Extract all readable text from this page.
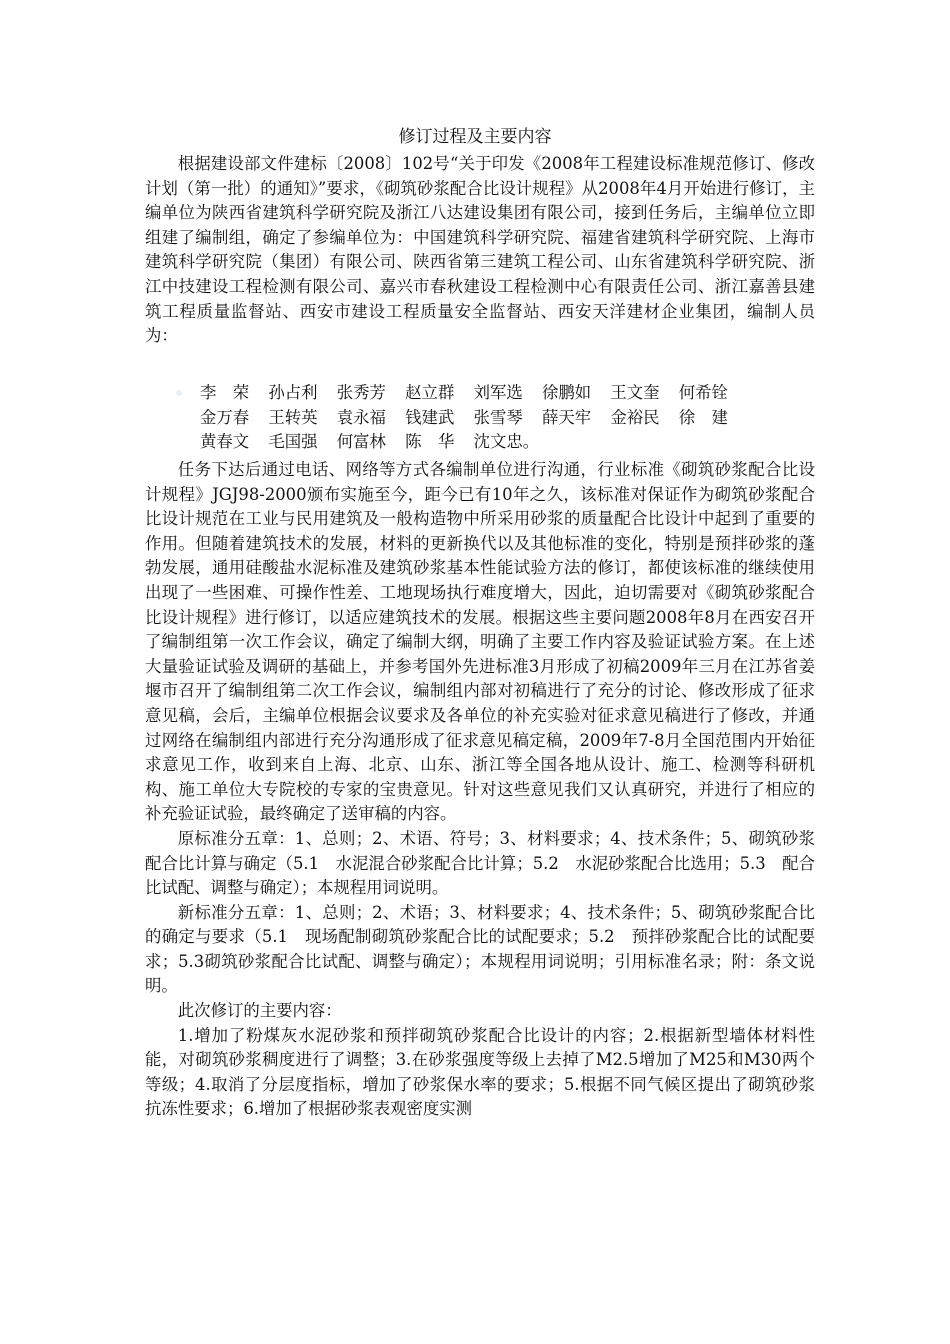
修订过程及主要内容

根据建设部文件建标〔2008〕102号“关于印发《2008年工程建设标准规范修订、修改计划（第一批）的通知》”要求，《砌筑砂浆配合比设计规程》从2008年4月开始进行修订，主编单位为陕西省建筑科学研究院及浙江八达建设集团有限公司，接到任务后，主编单位立即组建了编制组，确定了参编单位为：中国建筑科学研究院、福建省建筑科学研究院、上海市建筑科学研究院（集团）有限公司、陕西省第三建筑工程公司、山东省建筑科学研究院、浙江中技建设工程检测有限公司、嘉兴市春秋建设工程检测中心有限责任公司、浙江嘉善县建筑工程质量监督站、西安市建设工程质量安全监督站、西安天洋建材企业集团，编制人员为：

李　荣 孙占利 张秀芳 赵立群 刘军选 徐鹏如 王文奎 何希铨
金万春 王转英 袁永福 钱建武 张雪琴 薛天牢 金裕民 徐　建
黄春文 毛国强 何富林 陈　华 沈文忠。

任务下达后通过电话、网络等方式各编制单位进行沟通，行业标准《砌筑砂浆配合比设计规程》JGJ98-2000颁布实施至今，距今已有10年之久，该标准对保证作为砌筑砂浆配合比设计规范在工业与民用建筑及一般构造物中所采用砂浆的质量配合比设计中起到了重要的作用。但随着建筑技术的发展，材料的更新换代以及其他标准的变化，特别是预拌砂浆的蓬勃发展，通用硅酸盐水泥标准及建筑砂浆基本性能试验方法的修订，都使该标准的继续使用出现了一些困难、可操作性差、工地现场执行难度增大，因此，迫切需要对《砌筑砂浆配合比设计规程》进行修订，以适应建筑技术的发展。根据这些主要问题2008年8月在西安召开了编制组第一次工作会议，确定了编制大纲，明确了主要工作内容及验证试验方案。在上述大量验证试验及调研的基础上，并参考国外先进标准3月形成了初稿2009年三月在江苏省姜堰市召开了编制组第二次工作会议，编制组内部对初稿进行了充分的讨论、修改形成了征求意见稿，会后，主编单位根据会议要求及各单位的补充实验对征求意见稿进行了修改，并通过网络在编制组内部进行充分沟通形成了征求意见稿定稿，2009年7-8月全国范围内开始征求意见工作，收到来自上海、北京、山东、浙江等全国各地从设计、施工、检测等科研机构、施工单位大专院校的专家的宝贵意见。针对这些意见我们又认真研究，并进行了相应的补充验证试验，最终确定了送审稿的内容。

原标准分五章：1、总则；2、术语、符号；3、材料要求；4、技术条件；5、砌筑砂浆配合比计算与确定（5.1　水泥混合砂浆配合比计算；5.2　水泥砂浆配合比选用；5.3　配合比试配、调整与确定）；本规程用词说明。

新标准分五章：1、总则；2、术语；3、材料要求；4、技术条件；5、砌筑砂浆配合比的确定与要求（5.1　现场配制砌筑砂浆配合比的试配要求；5.2　预拌砂浆配合比的试配要求；5.3砌筑砂浆配合比试配、调整与确定）；本规程用词说明；引用标准名录；附：条文说明。

此次修订的主要内容：

1.增加了粉煤灰水泥砂浆和预拌砌筑砂浆配合比设计的内容；2.根据新型墙体材料性能，对砌筑砂浆稠度进行了调整；3.在砂浆强度等级上去掉了M2.5增加了M25和M30两个等级；4.取消了分层度指标，增加了砂浆保水率的要求；5.根据不同气候区提出了砌筑砂浆抗冻性要求；6.增加了根据砂浆表观密度实测
